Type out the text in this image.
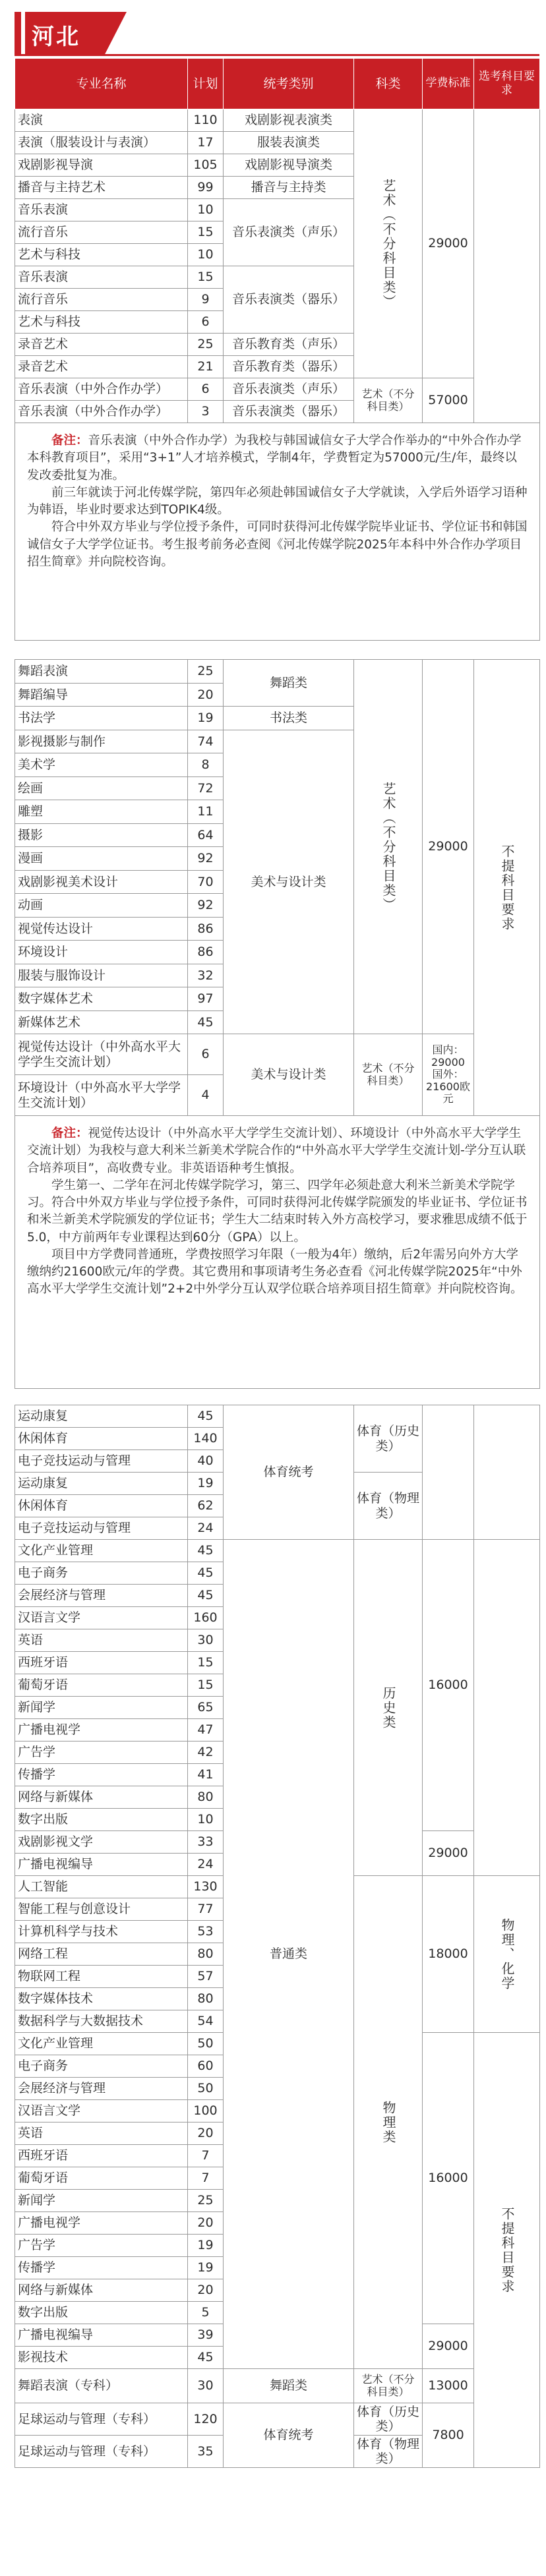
河北
专业名称	计划	统考类别	科类	学费标准	选考科目要求
表演	110	戏剧影视表演类	艺术（不分科目类）	29000	
表演（服装设计与表演）	17	服装表演类			
戏剧影视导演	105	戏剧影视导演类			
播音与主持艺术	99	播音与主持类			
音乐表演	10	音乐表演类（声乐）			
流行音乐	15				
艺术与科技	10				
音乐表演	15	音乐表演类（器乐）			
流行音乐	9				
艺术与科技	6				
录音艺术	25	音乐教育类（声乐）			
录音艺术	21	音乐教育类（器乐）			
音乐表演（中外合作办学）	6	音乐表演类（声乐）	艺术（不分科目类）	57000	
音乐表演（中外合作办学）	3	音乐表演类（器乐）			

备注：音乐表演（中外合作办学）为我校与韩国诚信女子大学合作举办的“中外合作办学本科教育项目”，采用“3+1”人才培养模式，学制4年，学费暂定为57000元/生/年，最终以发改委批复为准。

前三年就读于河北传媒学院，第四年必须赴韩国诚信女子大学就读，入学后外语学习语种为韩语，毕业时要求达到TOPIK4级。

符合中外双方毕业与学位授予条件，可同时获得河北传媒学院毕业证书、学位证书和韩国诚信女子大学学位证书。考生报考前务必查阅《河北传媒学院2025年本科中外合作办学项目招生简章》并向院校咨询。					

舞蹈表演	25	舞蹈类	艺术（不分科目类）	29000	不提科目要求
舞蹈编导	20				
书法学	19	书法类			
影视摄影与制作	74	美术与设计类			
美术学	8				
绘画	72				
雕塑	11				
摄影	64				
漫画	92				
戏剧影视美术设计	70				
动画	92				
视觉传达设计	86				
环境设计	86				
服装与服饰设计	32				
数字媒体艺术	97				
新媒体艺术	45				
视觉传达设计（中外高水平大学学生交流计划）	6	美术与设计类	艺术（不分科目类）	国内：29000 国外：21600欧元	
环境设计（中外高水平大学学生交流计划）	4				

备注：视觉传达设计（中外高水平大学学生交流计划）、环境设计（中外高水平大学学生交流计划）为我校与意大利米兰新美术学院合作的“中外高水平大学学生交流计划-学分互认联合培养项目”，高收费专业。非英语语种考生慎报。

学生第一、二学年在河北传媒学院学习，第三、四学年必须赴意大利米兰新美术学院学习。符合中外双方毕业与学位授予条件，可同时获得河北传媒学院颁发的毕业证书、学位证书和米兰新美术学院颁发的学位证书；学生大二结束时转入外方高校学习，要求雅思成绩不低于5.0，中方前两年专业课程达到60分（GPA）以上。

项目中方学费同普通班，学费按照学习年限（一般为4年）缴纳，后2年需另向外方大学缴纳约21600欧元/年的学费。其它费用和事项请考生务必查看《河北传媒学院2025年“中外高水平大学学生交流计划”2+2中外学分互认双学位联合培养项目招生简章》并向院校咨询。					

运动康复	45	体育统考	体育（历史类）		
休闲体育	140				
电子竞技运动与管理	40				
运动康复	19		体育（物理类）		
休闲体育	62				
电子竞技运动与管理	24				
文化产业管理	45	普通类	历史类	16000	
电子商务	45				
会展经济与管理	45				
汉语言文学	160				
英语	30				
西班牙语	15				
葡萄牙语	15				
新闻学	65				
广播电视学	47				
广告学	42				
传播学	41				
网络与新媒体	80				
数字出版	10				
戏剧影视文学	33			29000	
广播电视编导	24				
人工智能	130		物理类	18000	物理、化学
智能工程与创意设计	77				
计算机科学与技术	53				
网络工程	80				
物联网工程	57				
数字媒体技术	80				
数据科学与大数据技术	54				
文化产业管理	50			16000	不提科目要求
电子商务	60				
会展经济与管理	50				
汉语言文学	100				
英语	20				
西班牙语	7				
葡萄牙语	7				
新闻学	25				
广播电视学	20				
广告学	19				
传播学	19				
网络与新媒体	20				
数字出版	5				
广播电视编导	39			29000	
影视技术	45				
舞蹈表演（专科）	30	舞蹈类	艺术（不分科目类）	13000	
足球运动与管理（专科）	120	体育统考	体育（历史类）	7800	
足球运动与管理（专科）	35		体育（物理类）		
